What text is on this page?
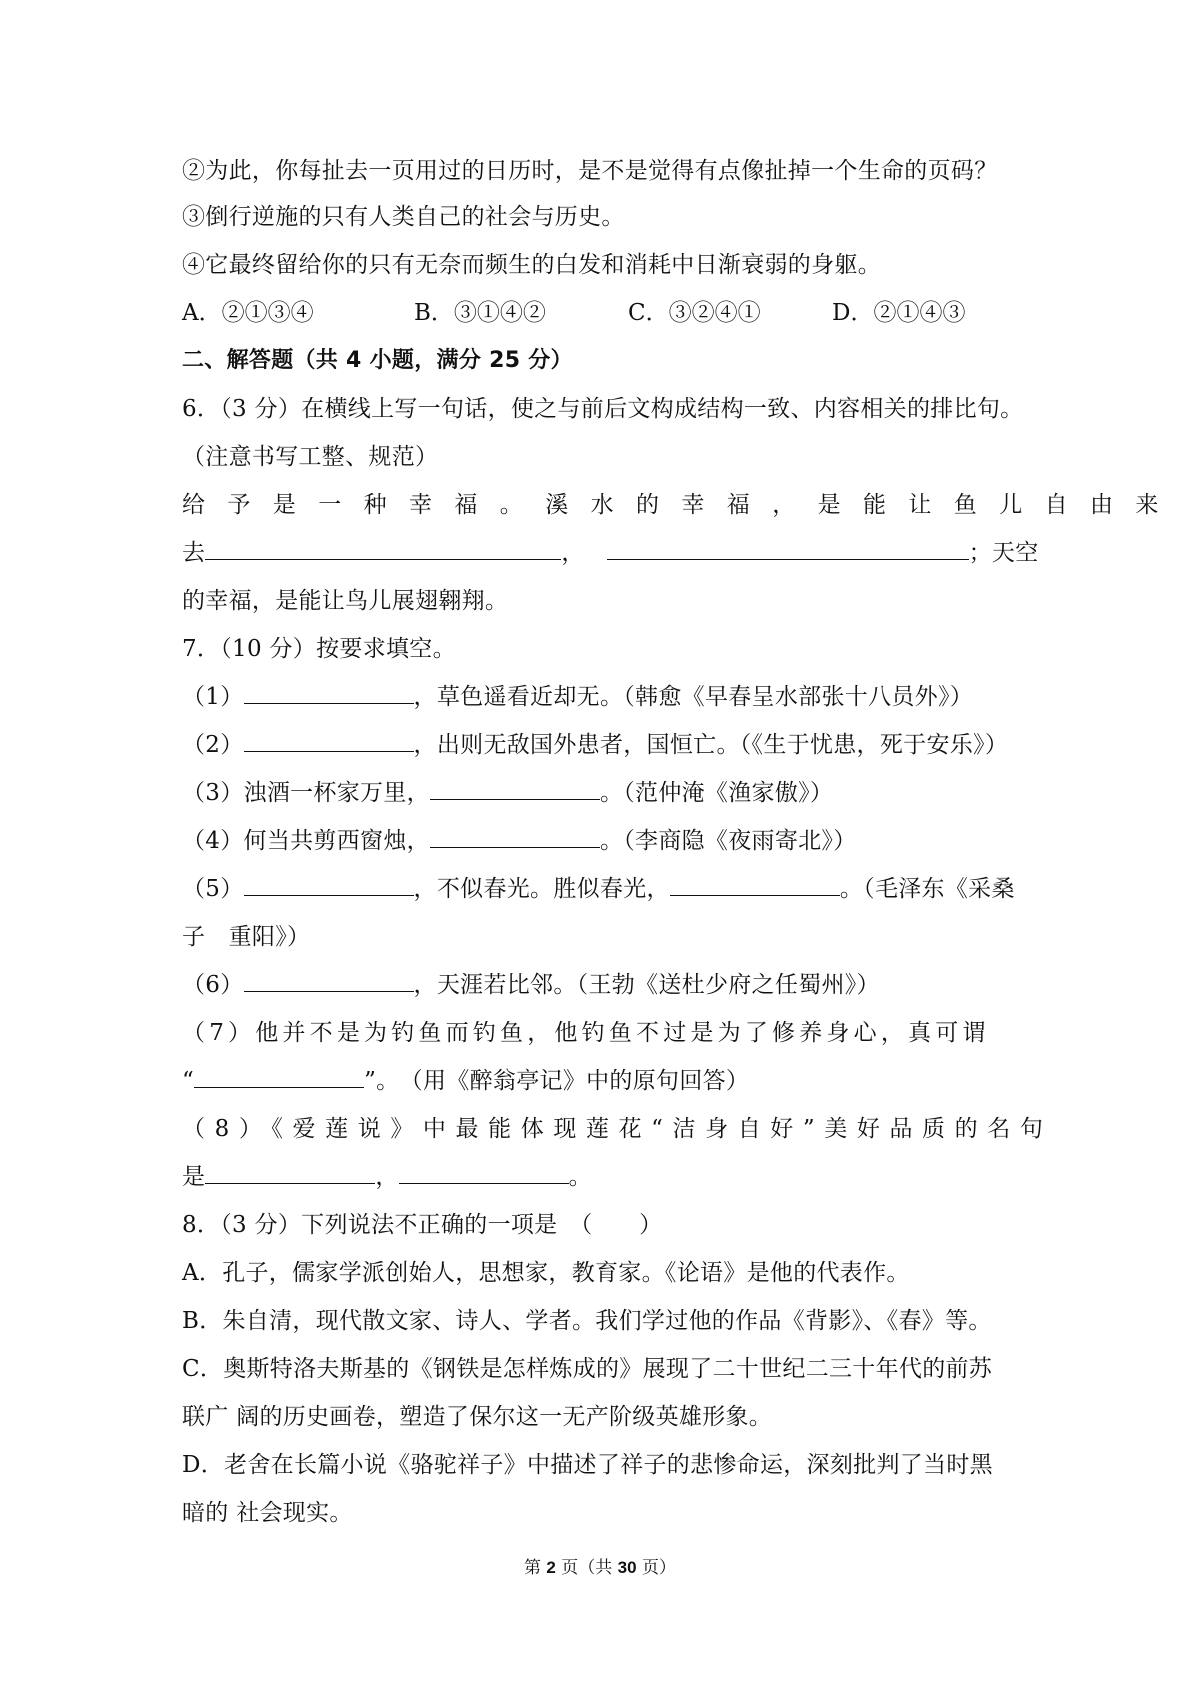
②为此，你每扯去一页用过的日历时，是不是觉得有点像扯掉一个生命的页码？
③倒行逆施的只有人类自己的社会与历史。
④它最终留给你的只有无奈而频生的白发和消耗中日渐衰弱的身躯。
A．②①③④	B．③①④②	C．③②④①	D．②①④③
二、解答题（共 4 小题，满分 25 分）
6．（3 分）在横线上写一句话，使之与前后文构成结构一致、内容相关的排比句。
（注意书写工整、规范）
给予是一种幸福。溪水的幸福，是能让鱼儿自由来
去	，	；天空
的幸福，是能让鸟儿展翅翱翔。
7．（10 分）按要求填空。
（1）	，草色遥看近却无。（韩愈《早春呈水部张十八员外》）
（2）	，出则无敌国外患者，国恒亡。（《生于忧患，死于安乐》）
（3）浊酒一杯家万里，	。（范仲淹《渔家傲》）
（4）何当共剪西窗烛，	。（李商隐《夜雨寄北》）
（5）	，不似春光。胜似春光，	。（毛泽东《采桑
子　重阳》）
（6）	，天涯若比邻。（王勃《送杜少府之任蜀州》）
（7）他并不是为钓鱼而钓鱼，他钓鱼不过是为了修养身心，真可谓
“	”。　（用《醉翁亭记》中的原句回答）
（8）《爱莲说》中最能体现莲花“洁身自好”美好品质的名句
是	，	。
8．（3 分）下列说法不正确的一项是　（　　）
A．孔子，儒家学派创始人，思想家，教育家。《论语》是他的代表作。
B．朱自清，现代散文家、诗人、学者。我们学过他的作品《背影》、《春》等。
C．奥斯特洛夫斯基的《钢铁是怎样炼成的》展现了二十世纪二三十年代的前苏
联广 阔的历史画卷，塑造了保尔这一无产阶级英雄形象。
D．老舍在长篇小说《骆驼祥子》中描述了祥子的悲惨命运，深刻批判了当时黑
暗的 社会现实。
第 2 页（共 30 页）
